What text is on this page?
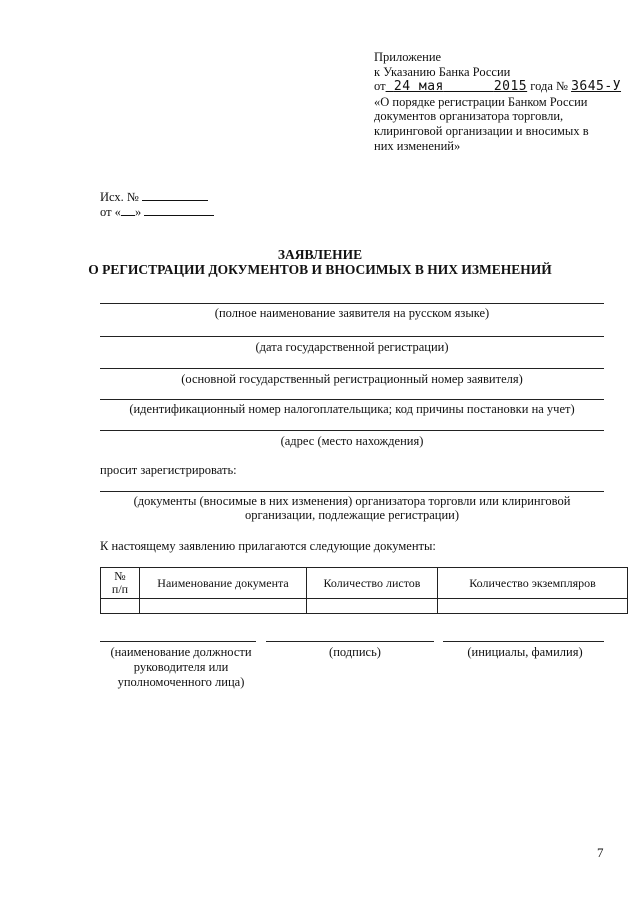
Приложение
к Указанию Банка России
от 24 мая	2015 года № 3645-У
«О порядке регистрации Банком России
документов организатора торговли,
клиринговой организации и вносимых в
них изменений»
Исх. №
от « »
ЗАЯВЛЕНИЕ
О РЕГИСТРАЦИИ ДОКУМЕНТОВ И ВНОСИМЫХ В НИХ ИЗМЕНЕНИЙ
(полное наименование заявителя на русском языке)
(дата государственной регистрации)
(основной государственный регистрационный номер заявителя)
(идентификационный номер налогоплательщика; код причины постановки на учет)
(адрес (место нахождения)
просит зарегистрировать:
(документы (вносимые в них изменения) организатора торговли или клиринговой
организации, подлежащие регистрации)
К настоящему заявлению прилагаются следующие документы:
№
п/п	Наименование документа	Количество листов	Количество экземпляров

(наименование должности
руководителя или
уполномоченного лица)
(подпись)	(инициалы, фамилия)
7
